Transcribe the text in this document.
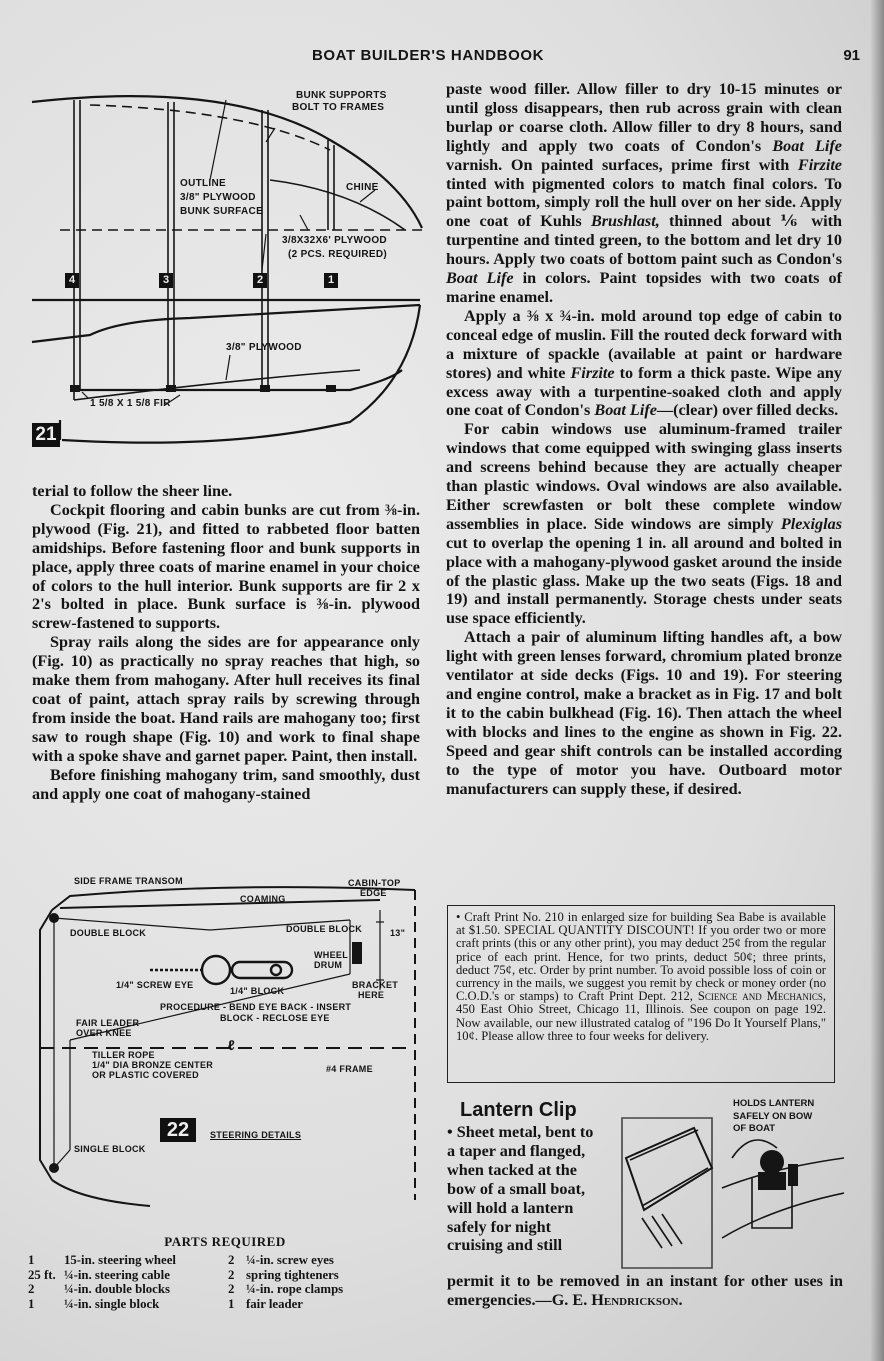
BOAT BUILDER'S HANDBOOK	91
BUNK SUPPORTS
BOLT TO FRAMES
OUTLINE
3/8" PLYWOOD
BUNK SURFACE
CHINE
3/8X32X6' PLYWOOD
(2 PCS. REQUIRED)
3/8" PLYWOOD
1 5/8 X 1 5/8 FIR
4	3	2	1
21

terial to follow the sheer line.

Cockpit flooring and cabin bunks are cut from ⅜-in. plywood (Fig. 21), and fitted to rabbeted floor batten amidships. Before fastening floor and bunk supports in place, apply three coats of marine enamel in your choice of colors to the hull interior. Bunk supports are fir 2 x 2's bolted in place. Bunk surface is ⅜-in. plywood screw-fastened to supports.

Spray rails along the sides are for appearance only (Fig. 10) as practically no spray reaches that high, so make them from mahogany. After hull receives its final coat of paint, attach spray rails by screwing through from inside the boat. Hand rails are mahogany too; first saw to rough shape (Fig. 10) and work to final shape with a spoke shave and garnet paper. Paint, then install.

Before finishing mahogany trim, sand smoothly, dust and apply one coat of mahogany-stained

paste wood filler. Allow filler to dry 10-15 minutes or until gloss disappears, then rub across grain with clean burlap or coarse cloth. Allow filler to dry 8 hours, sand lightly and apply two coats of Condon's Boat Life varnish. On painted surfaces, prime first with Firzite tinted with pigmented colors to match final colors. To paint bottom, simply roll the hull over on her side. Apply one coat of Kuhls Brushlast, thinned about ⅙ with turpentine and tinted green, to the bottom and let dry 10 hours. Apply two coats of bottom paint such as Condon's Boat Life in colors. Paint topsides with two coats of marine enamel.

Apply a ⅜ x ¾-in. mold around top edge of cabin to conceal edge of muslin. Fill the routed deck forward with a mixture of spackle (available at paint or hardware stores) and white Firzite to form a thick paste. Wipe any excess away with a turpentine-soaked cloth and apply one coat of Condon's Boat Life—(clear) over filled decks.

For cabin windows use aluminum-framed trailer windows that come equipped with swinging glass inserts and screens behind because they are actually cheaper than plastic windows. Oval windows are also available. Either screwfasten or bolt these complete window assemblies in place. Side windows are simply Plexiglas cut to overlap the opening 1 in. all around and bolted in place with a mahogany-plywood gasket around the inside of the plastic glass. Make up the two seats (Figs. 18 and 19) and install permanently. Storage chests under seats use space efficiently.

Attach a pair of aluminum lifting handles aft, a bow light with green lenses forward, chromium plated bronze ventilator at side decks (Figs. 10 and 19). For steering and engine control, make a bracket as in Fig. 17 and bolt it to the cabin bulkhead (Fig. 16). Then attach the wheel with blocks and lines to the engine as shown in Fig. 22. Speed and gear shift controls can be installed according to the type of motor you have. Outboard motor manufacturers can supply these, if desired.

SIDE FRAME TRANSOM	CABIN-TOP
EDGE
COAMING
DOUBLE BLOCK	DOUBLE BLOCK	13"
WHEEL
DRUM
1/4" SCREW EYE
1/4" BLOCK
BRACKET
HERE
PROCEDURE - BEND EYE BACK - INSERT
BLOCK - RECLOSE EYE
FAIR LEADER
OVER KNEE
ℓ
TILLER ROPE
1/4" DIA BRONZE CENTER
OR PLASTIC COVERED
#4 FRAME
SINGLE BLOCK
22	STEERING DETAILS
PARTS REQUIRED
1	15-in. steering wheel	2 ¼-in. screw eyes
25 ft. ¼-in. steering cable	2 spring tighteners
2	¼-in. double blocks	2 ¼-in. rope clamps
1	¼-in. single block	1 fair leader
• Craft Print No. 210 in enlarged size for building Sea Babe is available at $1.50. SPECIAL QUANTITY DISCOUNT! If you order two or more craft prints (this or any other print), you may deduct 25¢ from the regular price of each print. Hence, for two prints, deduct 50¢; three prints, deduct 75¢, etc. Order by print number. To avoid possible loss of coin or currency in the mails, we suggest you remit by check or money order (no C.O.D.'s or stamps) to Craft Print Dept. 212, Science and Mechanics, 450 East Ohio Street, Chicago 11, Illinois. See coupon on page 192. Now available, our new illustrated catalog of "196 Do It Yourself Plans," 10¢. Please allow three to four weeks for delivery.
Lantern Clip

• Sheet metal, bent to a taper and flanged, when tacked at the bow of a small boat, will hold a lantern safely for night cruising and still

HOLDS LANTERN
SAFELY ON BOW
OF BOAT
permit it to be removed in an instant for other uses in emergencies.—G. E. Hendrickson.
